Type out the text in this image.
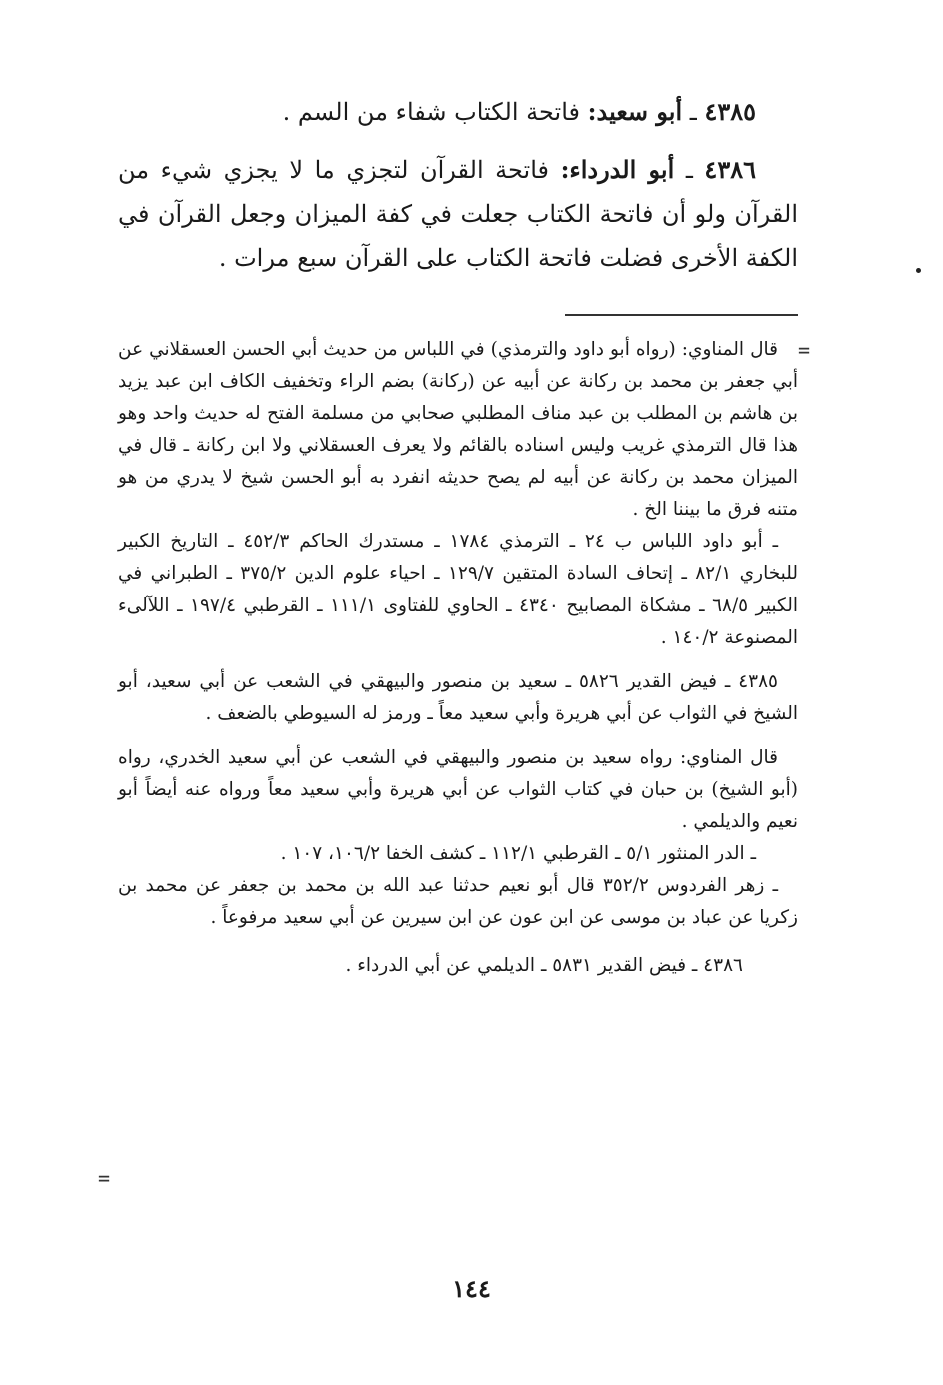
٤٣٨٥ ـ أبو سعيد: فاتحة الكتاب شفاء من السم .

٤٣٨٦ ـ أبو الدرداء: فاتحة القرآن لتجزي ما لا يجزي شيء من القرآن ولو أن فاتحة الكتاب جعلت في كفة الميزان وجعل القرآن في الكفة الأخرى فضلت فاتحة الكتاب على القرآن سبع مرات .

=

قال المناوي: (رواه أبو داود والترمذي) في اللباس من حديث أبي الحسن العسقلاني عن أبي جعفر بن محمد بن ركانة عن أبيه عن (ركانة) بضم الراء وتخفيف الكاف ابن عبد يزيد بن هاشم بن المطلب بن عبد مناف المطلبي صحابي من مسلمة الفتح له حديث واحد وهو هذا قال الترمذي غريب وليس اسناده بالقائم ولا يعرف العسقلاني ولا ابن ركانة ـ قال في الميزان محمد بن ركانة عن أبيه لم يصح حديثه انفرد به أبو الحسن شيخ لا يدري من هو متنه فرق ما بيننا الخ .

ـ أبو داود اللباس ب ٢٤ ـ الترمذي ١٧٨٤ ـ مستدرك الحاكم ٤٥٢/٣ ـ التاريخ الكبير للبخاري ٨٢/١ ـ إتحاف السادة المتقين ١٢٩/٧ ـ احياء علوم الدين ٣٧٥/٢ ـ الطبراني في الكبير ٦٨/٥ ـ مشكاة المصابيح ٤٣٤٠ ـ الحاوي للفتاوى ١١١/١ ـ القرطبي ١٩٧/٤ ـ اللآلىء المصنوعة ١٤٠/٢ .

٤٣٨٥ ـ فيض القدير ٥٨٢٦ ـ سعيد بن منصور والبيهقي في الشعب عن أبي سعيد، أبو الشيخ في الثواب عن أبي هريرة وأبي سعيد معاً ـ ورمز له السيوطي بالضعف .

قال المناوي: رواه سعيد بن منصور والبيهقي في الشعب عن أبي سعيد الخدري، رواه (أبو الشيخ) بن حبان في كتاب الثواب عن أبي هريرة وأبي سعيد معاً ورواه عنه أيضاً أبو نعيم والديلمي .

ـ الدر المنثور ٥/١ ـ القرطبي ١١٢/١ ـ كشف الخفا ١٠٦/٢، ١٠٧ .

ـ زهر الفردوس ٣٥٢/٢ قال أبو نعيم حدثنا عبد الله بن محمد بن جعفر عن محمد بن زكريا عن عباد بن موسى عن ابن عون عن ابن سيرين عن أبي سعيد مرفوعاً .

٤٣٨٦ ـ فيض القدير ٥٨٣١ ـ الديلمي عن أبي الدرداء .

=
١٤٤
